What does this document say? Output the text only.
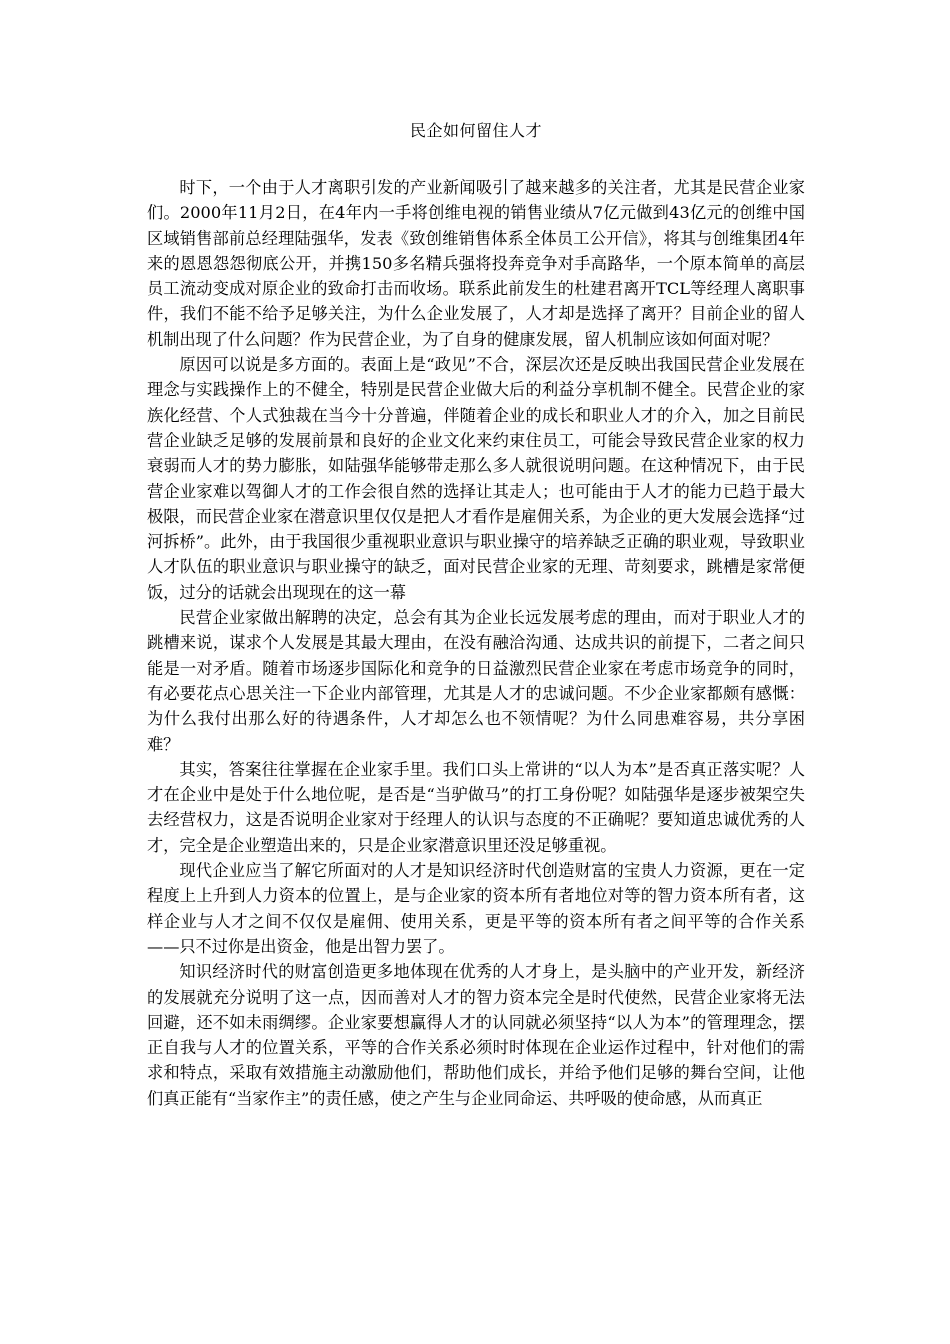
民企如何留住人才

时下，一个由于人才离职引发的产业新闻吸引了越来越多的关注者，尤其是民营企业家们。2000年11月2日，在4年内一手将创维电视的销售业绩从7亿元做到43亿元的创维中国区域销售部前总经理陆强华，发表《致创维销售体系全体员工公开信》，将其与创维集团4年来的恩恩怨怨彻底公开，并携150多名精兵强将投奔竞争对手高路华，一个原本简单的高层员工流动变成对原企业的致命打击而收场。联系此前发生的杜建君离开TCL等经理人离职事件，我们不能不给予足够关注，为什么企业发展了，人才却是选择了离开？目前企业的留人机制出现了什么问题？作为民营企业，为了自身的健康发展，留人机制应该如何面对呢？

原因可以说是多方面的。表面上是“政见”不合，深层次还是反映出我国民营企业发展在理念与实践操作上的不健全，特别是民营企业做大后的利益分享机制不健全。民营企业的家族化经营、个人式独裁在当今十分普遍，伴随着企业的成长和职业人才的介入，加之目前民营企业缺乏足够的发展前景和良好的企业文化来约束住员工，可能会导致民营企业家的权力衰弱而人才的势力膨胀，如陆强华能够带走那么多人就很说明问题。在这种情况下，由于民营企业家难以驾御人才的工作会很自然的选择让其走人；也可能由于人才的能力已趋于最大极限，而民营企业家在潜意识里仅仅是把人才看作是雇佣关系，为企业的更大发展会选择“过河拆桥”。此外，由于我国很少重视职业意识与职业操守的培养缺乏正确的职业观，导致职业人才队伍的职业意识与职业操守的缺乏，面对民营企业家的无理、苛刻要求，跳槽是家常便饭，过分的话就会出现现在的这一幕

民营企业家做出解聘的决定，总会有其为企业长远发展考虑的理由，而对于职业人才的跳槽来说，谋求个人发展是其最大理由，在没有融洽沟通、达成共识的前提下，二者之间只能是一对矛盾。随着市场逐步国际化和竞争的日益激烈民营企业家在考虑市场竞争的同时，有必要花点心思关注一下企业内部管理，尤其是人才的忠诚问题。不少企业家都颇有感慨：为什么我付出那么好的待遇条件，人才却怎么也不领情呢？为什么同患难容易，共分享困难？

其实，答案往往掌握在企业家手里。我们口头上常讲的“以人为本”是否真正落实呢？人才在企业中是处于什么地位呢，是否是“当驴做马”的打工身份呢？如陆强华是逐步被架空失去经营权力，这是否说明企业家对于经理人的认识与态度的不正确呢？要知道忠诚优秀的人才，完全是企业塑造出来的，只是企业家潜意识里还没足够重视。

现代企业应当了解它所面对的人才是知识经济时代创造财富的宝贵人力资源，更在一定程度上上升到人力资本的位置上，是与企业家的资本所有者地位对等的智力资本所有者，这样企业与人才之间不仅仅是雇佣、使用关系，更是平等的资本所有者之间平等的合作关系——只不过你是出资金，他是出智力罢了。

知识经济时代的财富创造更多地体现在优秀的人才身上，是头脑中的产业开发，新经济的发展就充分说明了这一点，因而善对人才的智力资本完全是时代使然，民营企业家将无法回避，还不如未雨绸缪。企业家要想赢得人才的认同就必须坚持“以人为本”的管理理念，摆正自我与人才的位置关系，平等的合作关系必须时时体现在企业运作过程中，针对他们的需求和特点，采取有效措施主动激励他们，帮助他们成长，并给予他们足够的舞台空间，让他们真正能有“当家作主”的责任感，使之产生与企业同命运、共呼吸的使命感，从而真正
